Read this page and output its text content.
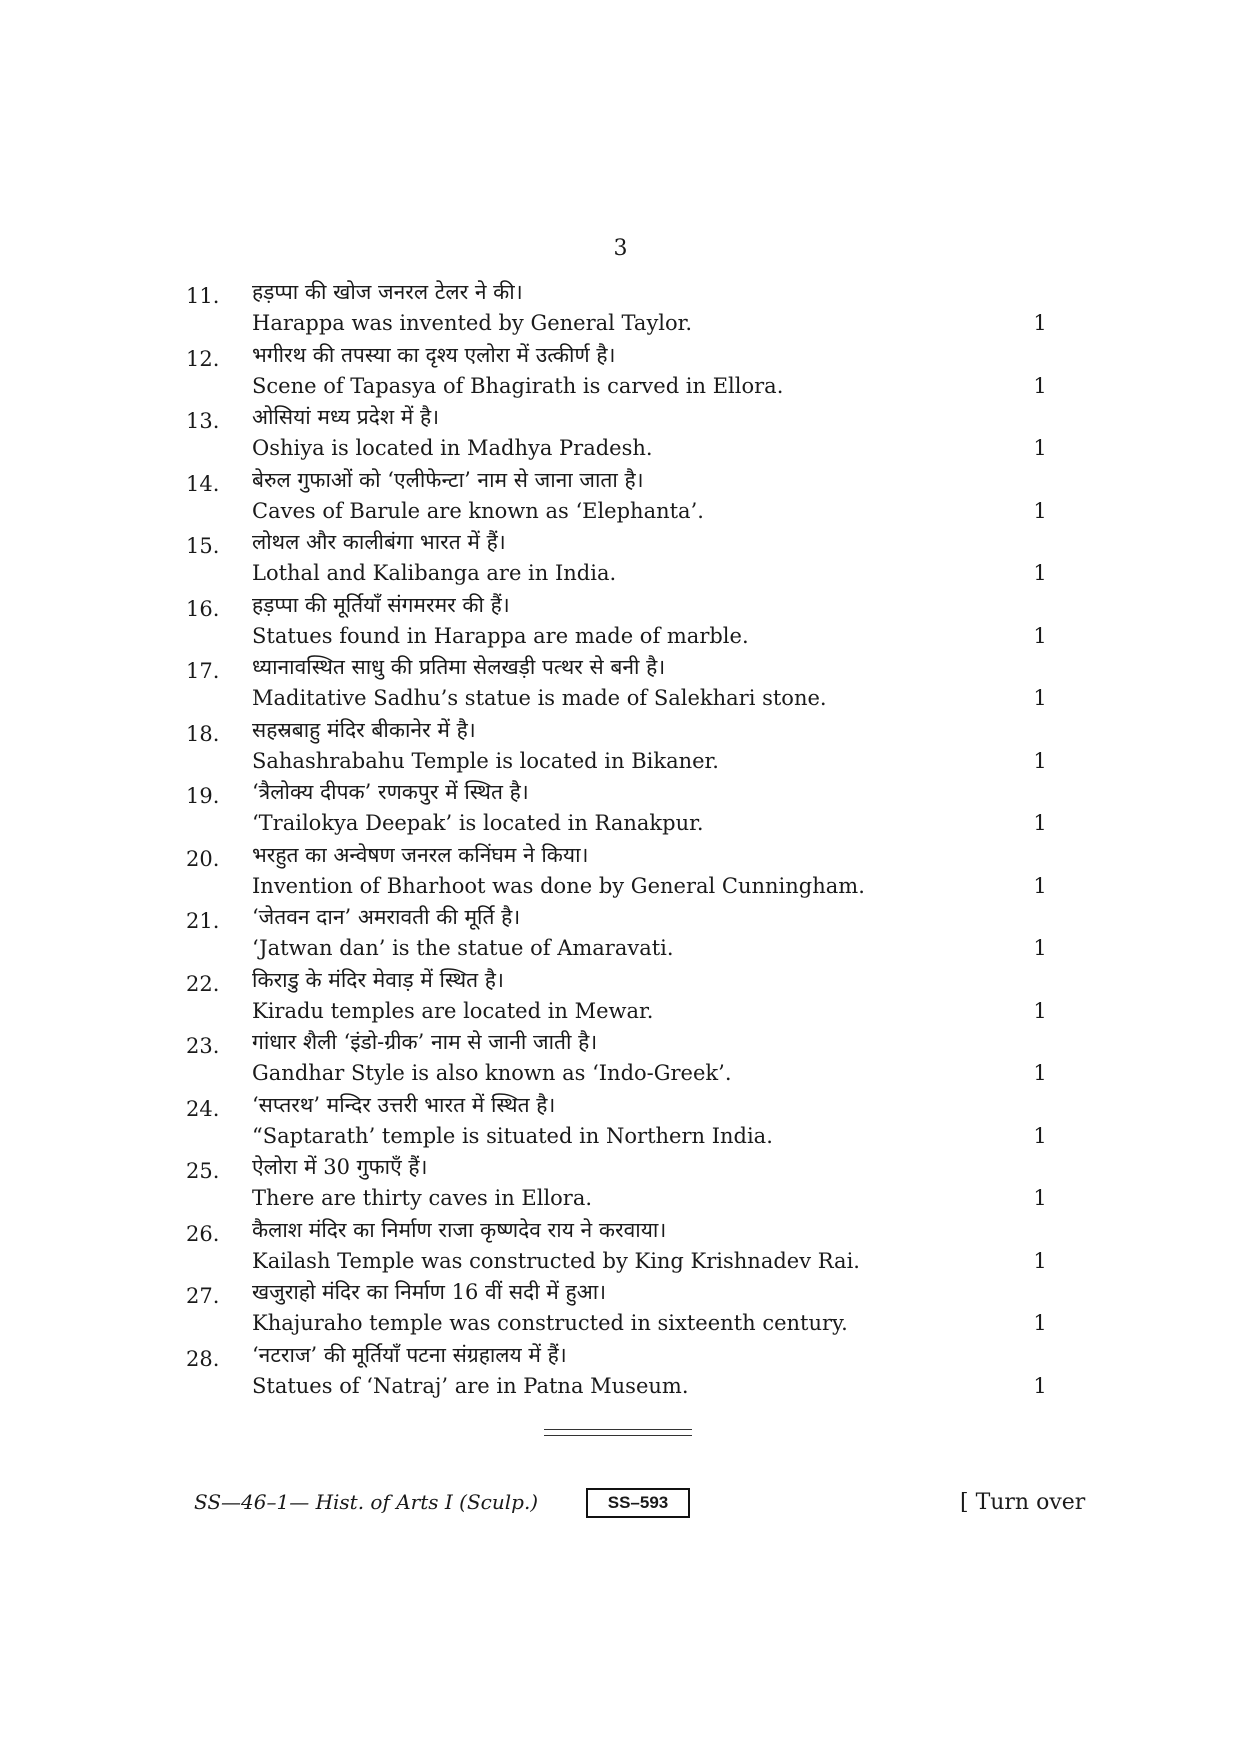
3
11. हड़प्पा की खोज जनरल टेलर ने की।
Harappa was invented by General Taylor.	1
12. भगीरथ की तपस्या का दृश्य एलोरा में उत्कीर्ण है।
Scene of Tapasya of Bhagirath is carved in Ellora.	1
13. ओसियां मध्य प्रदेश में है।
Oshiya is located in Madhya Pradesh.	1
14. बेरुल गुफाओं को ‘एलीफेन्टा’ नाम से जाना जाता है।
Caves of Barule are known as ‘Elephanta’.	1
15. लोथल और कालीबंगा भारत में हैं।
Lothal and Kalibanga are in India.	1
16. हड़प्पा की मूर्तियाँ संगमरमर की हैं।
Statues found in Harappa are made of marble.	1
17. ध्यानावस्थित साधु की प्रतिमा सेलखड़ी पत्थर से बनी है।
Maditative Sadhu’s statue is made of Salekhari stone.	1
18. सहस्रबाहु मंदिर बीकानेर में है।
Sahashrabahu Temple is located in Bikaner.	1
19. ‘त्रैलोक्य दीपक’ रणकपुर में स्थित है।
‘Trailokya Deepak’ is located in Ranakpur.	1
20. भरहुत का अन्वेषण जनरल कनिंघम ने किया।
Invention of Bharhoot was done by General Cunningham.	1
21. ‘जेतवन दान’ अमरावती की मूर्ति है।
‘Jatwan dan’ is the statue of Amaravati.	1
22. किराडु के मंदिर मेवाड़ में स्थित है।
Kiradu temples are located in Mewar.	1
23. गांधार शैली ‘इंडो-ग्रीक’ नाम से जानी जाती है।
Gandhar Style is also known as ‘Indo-Greek’.	1
24. ‘सप्तरथ’ मन्दिर उत्तरी भारत में स्थित है।
“Saptarath’ temple is situated in Northern India.	1
25. ऐलोरा में 30 गुफाएँ हैं।
There are thirty caves in Ellora.	1
26. कैलाश मंदिर का निर्माण राजा कृष्णदेव राय ने करवाया।
Kailash Temple was constructed by King Krishnadev Rai.	1
27. खजुराहो मंदिर का निर्माण 16 वीं सदी में हुआ।
Khajuraho temple was constructed in sixteenth century.	1
28. ‘नटराज’ की मूर्तियाँ पटना संग्रहालय में हैं।
Statues of ‘Natraj’ are in Patna Museum.	1
SS—46–1— Hist. of Arts I (Sculp.)	SS–593	[ Turn over
